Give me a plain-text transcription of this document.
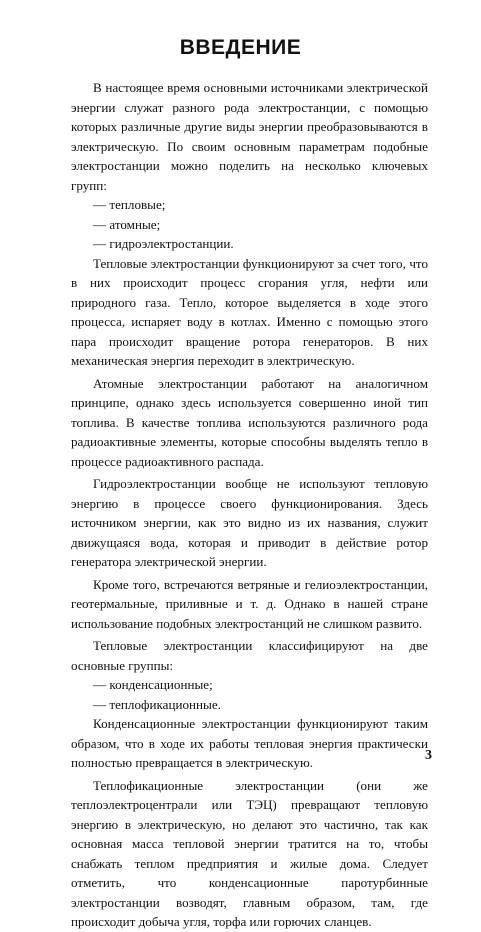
ВВЕДЕНИЕ

В настоящее время основными источниками электрической энергии служат разного рода электростанции, с помощью которых различные другие виды энергии преобразовываются в электрическую. По своим основным параметрам подобные электростанции можно поделить на несколько ключевых групп:

— тепловые;

— атомные;

— гидроэлектростанции.

Тепловые электростанции функционируют за счет того, что в них происходит процесс сгорания угля, нефти или природного газа. Тепло, которое выделяется в ходе этого процесса, испаряет воду в котлах. Именно с помощью этого пара происходит вращение ротора генераторов. В них механическая энергия переходит в электрическую.

Атомные электростанции работают на аналогичном принципе, однако здесь используется совершенно иной тип топлива. В качестве топлива используются различного рода радиоактивные элементы, которые способны выделять тепло в процессе радиоактивного распада.

Гидроэлектростанции вообще не используют тепловую энергию в процессе своего функционирования. Здесь источником энергии, как это видно из их названия, служит движущаяся вода, которая и приводит в действие ротор генератора электрической энергии.

Кроме того, встречаются ветряные и гелиоэлектростанции, геотермальные, приливные и т. д. Однако в нашей стране использование подобных электростанций не слишком развито.

Тепловые электростанции классифицируют на две основные группы:

— конденсационные;

— теплофикационные.

Конденсационные электростанции функционируют таким образом, что в ходе их работы тепловая энергия практически полностью превращается в электрическую.

Теплофикационные электростанции (они же теплоэлектроцентрали или ТЭЦ) превращают тепловую энергию в электрическую, но делают это частично, так как основная масса тепловой энергии тратится на то, чтобы снабжать теплом предприятия и жилые дома. Следует отметить, что конденсационные паротурбинные электростанции возводят, главным образом, там, где происходит добыча угля, торфа или горючих сланцев.

3
